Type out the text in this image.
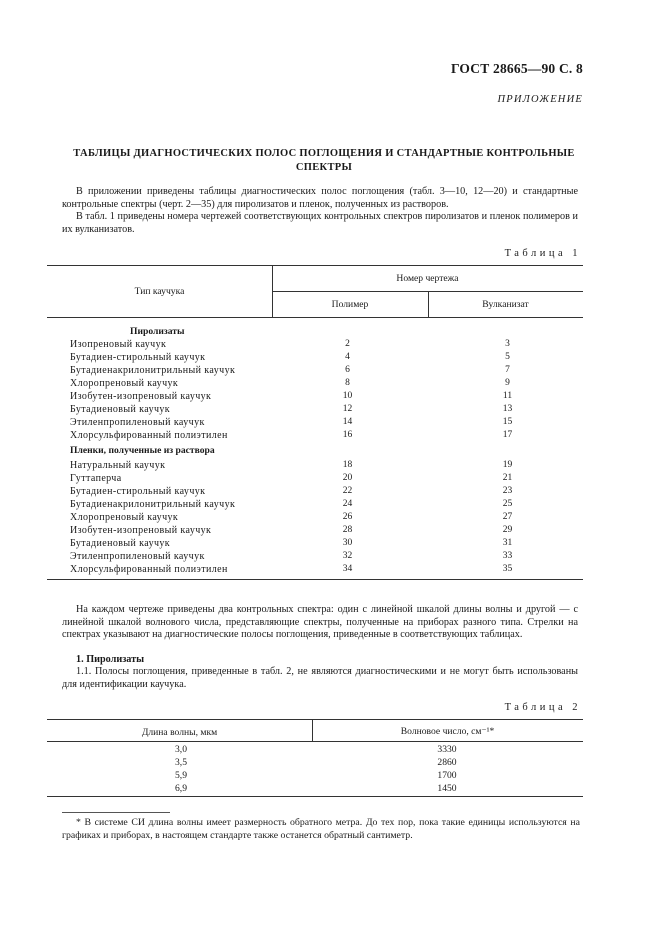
ГОСТ 28665—90 С. 8
ПРИЛОЖЕНИЕ
ТАБЛИЦЫ ДИАГНОСТИЧЕСКИХ ПОЛОС ПОГЛОЩЕНИЯ И СТАНДАРТНЫЕ КОНТРОЛЬНЫЕ СПЕКТРЫ
В приложении приведены таблицы диагностических полос поглощения (табл. 3—10, 12—20) и стандартные контрольные спектры (черт. 2—35) для пиролизатов и пленок, полученных из растворов.
В табл. 1 приведены номера чертежей соответствующих контрольных спектров пиролизатов и пленок полимеров и их вулканизатов.
Таблица 1
Тип каучука
Номер чертежа
Полимер	Вулканизат
Пиролизаты
Изопреновый каучук	2	3
Бутадиен-стирольный каучук	4	5
Бутадиенакрилонитрильный каучук	6	7
Хлоропреновый каучук	8	9
Изобутен-изопреновый каучук	10	11
Бутадиеновый каучук	12	13
Этиленпропиленовый каучук	14	15
Хлорсульфированный полиэтилен	16	17
Пленки, полученные из раствора
Натуральный каучук	18	19
Гуттаперча	20	21
Бутадиен-стирольный каучук	22	23
Бутадиенакрилонитрильный каучук	24	25
Хлоропреновый каучук	26	27
Изобутен-изопреновый каучук	28	29
Бутадиеновый каучук	30	31
Этиленпропиленовый каучук	32	33
Хлорсульфированный полиэтилен	34	35
На каждом чертеже приведены два контрольных спектра: один с линейной шкалой длины волны и другой — с линейной шкалой волнового числа, представляющие спектры, полученные на приборах разного типа. Стрелки на спектрах указывают на диагностические полосы поглощения, приведенные в соответствующих таблицах.
1. Пиролизаты
1.1. Полосы поглощения, приведенные в табл. 2, не являются диагностическими и не могут быть использованы для идентификации каучука.
Таблица 2
Длина волны, мкм	Волновое число, см⁻¹*
3,0	3330
3,5	2860
5,9	1700
6,9	1450
* В системе СИ длина волны имеет размерность обратного метра. До тех пор, пока такие единицы используются на графиках и приборах, в настоящем стандарте также останется обратный сантиметр.
